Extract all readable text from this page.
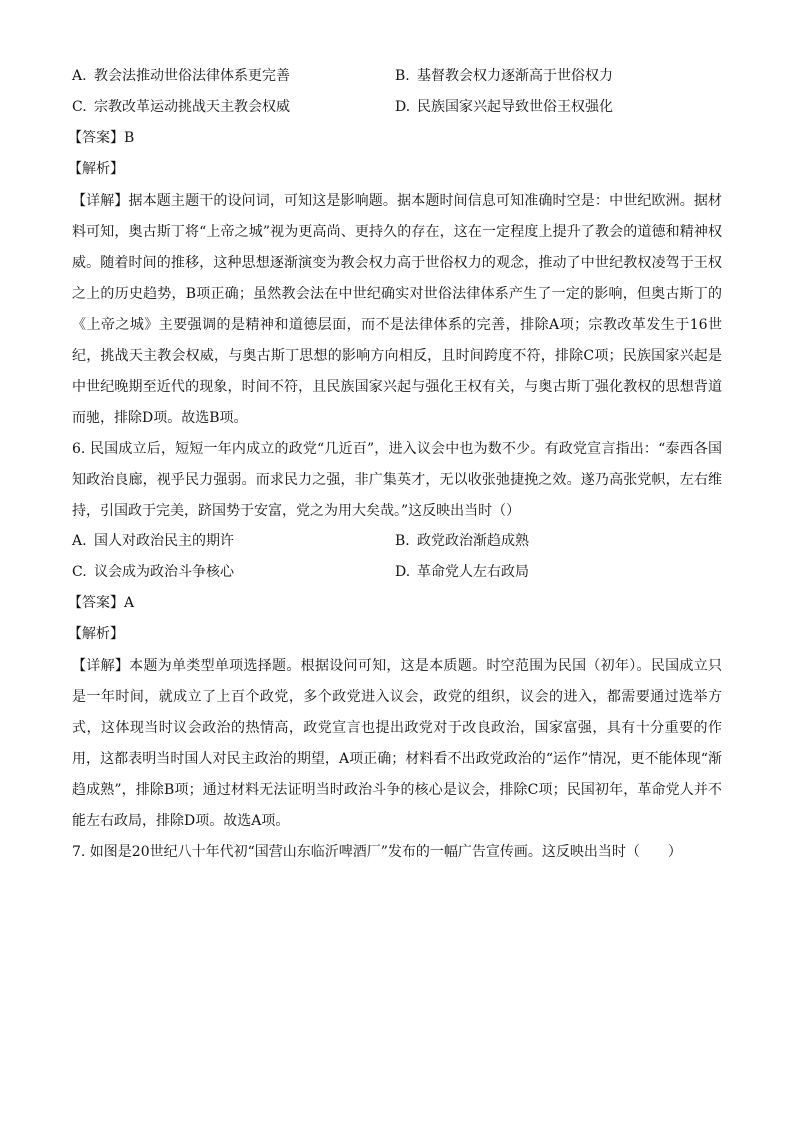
A. 教会法推动世俗法律体系更完善	B. 基督教会权力逐渐高于世俗权力
C. 宗教改革运动挑战天主教会权威	D. 民族国家兴起导致世俗王权强化
【答案】B
【解析】

【详解】据本题主题干的设问词，可知这是影响题。据本题时间信息可知准确时空是：中世纪欧洲。据材料可知，奥古斯丁将“上帝之城”视为更高尚、更持久的存在，这在一定程度上提升了教会的道德和精神权威。随着时间的推移，这种思想逐渐演变为教会权力高于世俗权力的观念，推动了中世纪教权凌驾于王权之上的历史趋势，B项正确；虽然教会法在中世纪确实对世俗法律体系产生了一定的影响，但奥古斯丁的《上帝之城》主要强调的是精神和道德层面，而不是法律体系的完善，排除A项；宗教改革发生于16世纪，挑战天主教会权威，与奥古斯丁思想的影响方向相反，且时间跨度不符，排除C项；民族国家兴起是中世纪晚期至近代的现象，时间不符，且民族国家兴起与强化王权有关，与奥古斯丁强化教权的思想背道而驰，排除D项。故选B项。

6. 民国成立后，短短一年内成立的政党“几近百”，进入议会中也为数不少。有政党宣言指出：“泰西各国知政治良廊，视乎民力强弱。而求民力之强，非广集英才，无以收张弛捷挽之效。遂乃高张党帜，左右维持，引国政于完美，跻国势于安富，党之为用大矣哉。”这反映出当时（）

A. 国人对政治民主的期许	B. 政党政治渐趋成熟
C. 议会成为政治斗争核心	D. 革命党人左右政局
【答案】A
【解析】

【详解】本题为单类型单项选择题。根据设问可知，这是本质题。时空范围为民国（初年）。民国成立只是一年时间，就成立了上百个政党，多个政党进入议会，政党的组织，议会的进入，都需要通过选举方式，这体现当时议会政治的热情高，政党宣言也提出政党对于改良政治，国家富强，具有十分重要的作用，这都表明当时国人对民主政治的期望，A项正确；材料看不出政党政治的“运作”情况，更不能体现“渐趋成熟”，排除B项；通过材料无法证明当时政治斗争的核心是议会，排除C项；民国初年，革命党人并不能左右政局，排除D项。故选A项。

7. 如图是20世纪八十年代初“国营山东临沂啤酒厂”发布的一幅广告宣传画。这反映出当时（　　）
